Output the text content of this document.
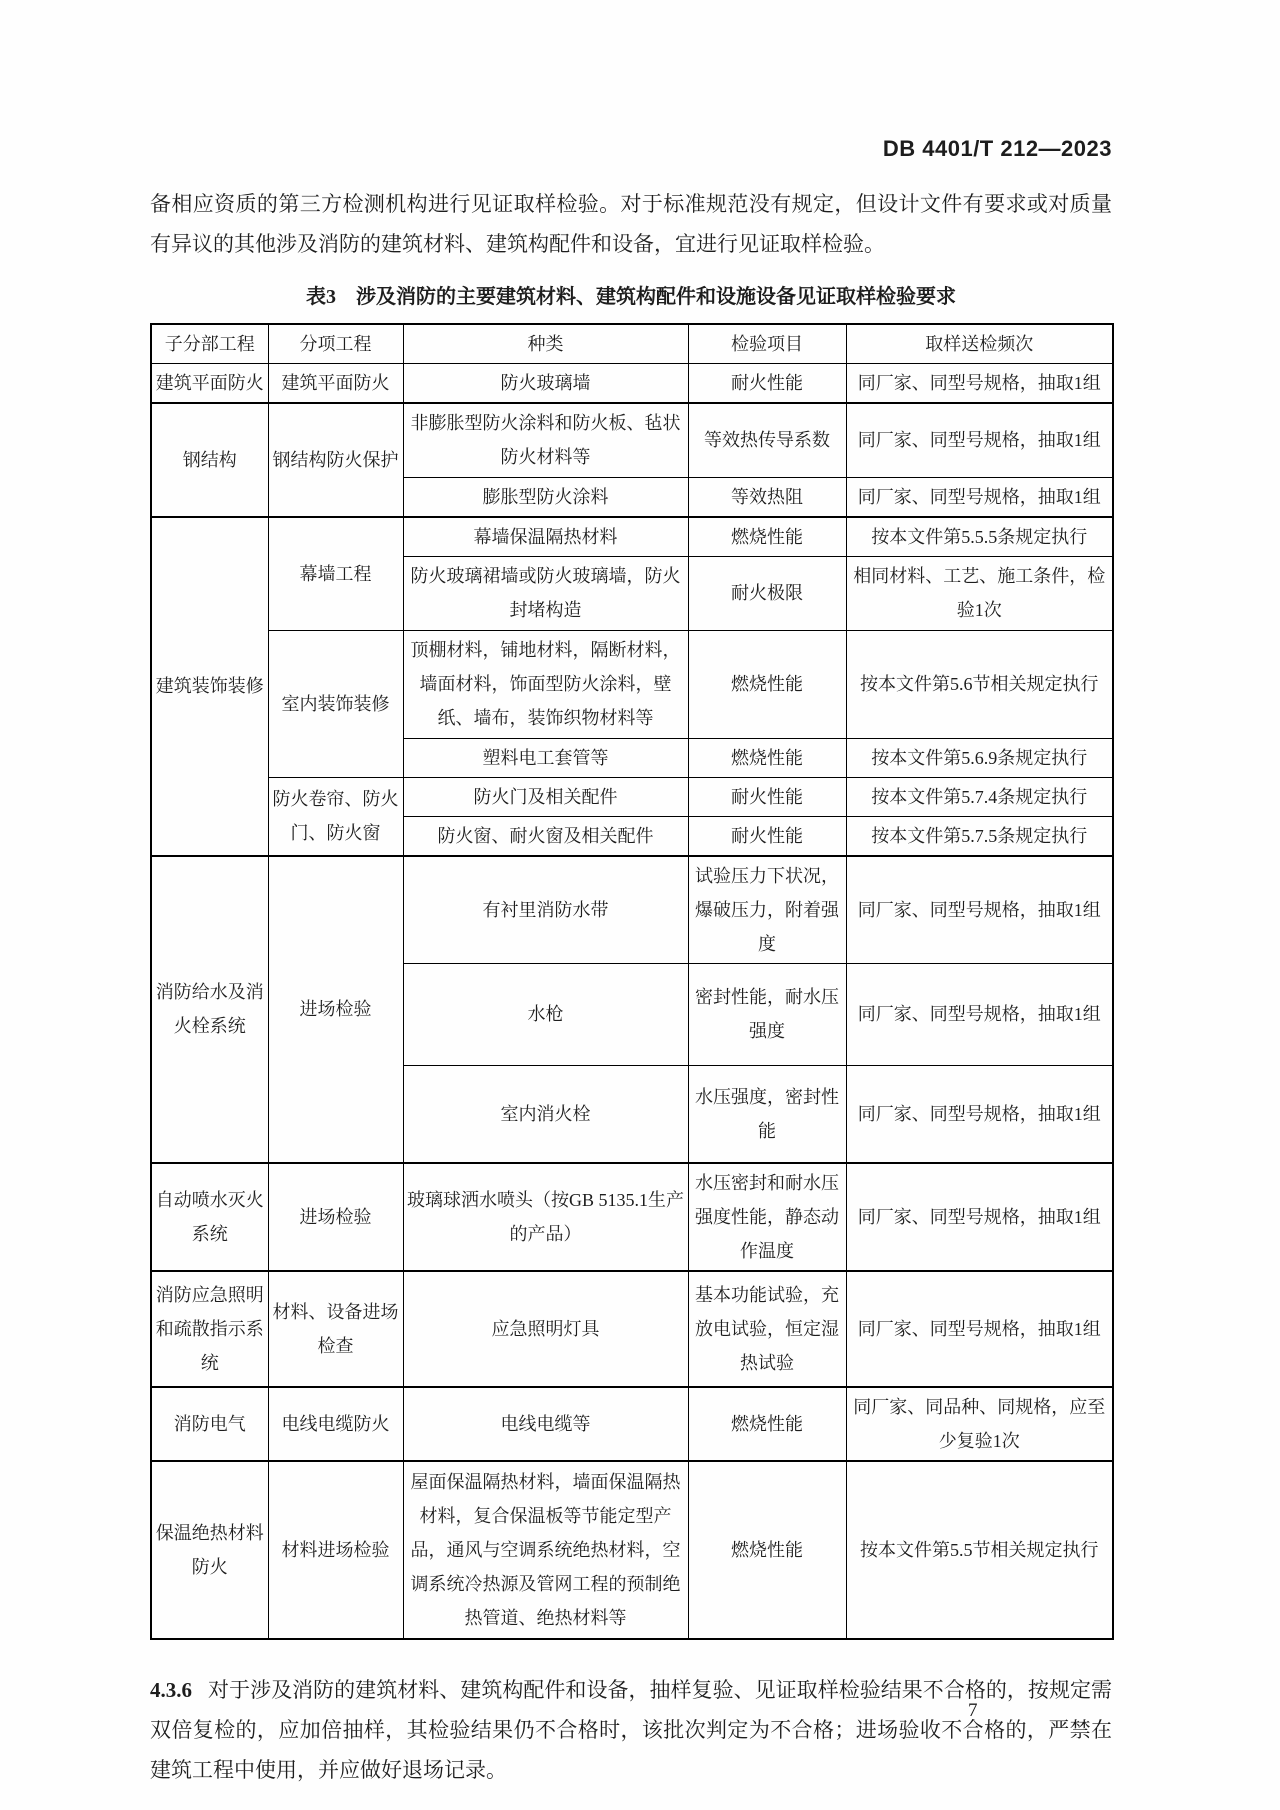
DB 4401/T 212—2023

备相应资质的第三方检测机构进行见证取样检验。对于标准规范没有规定，但设计文件有要求或对质量有异议的其他涉及消防的建筑材料、建筑构配件和设备，宜进行见证取样检验。

表3　涉及消防的主要建筑材料、建筑构配件和设施设备见证取样检验要求
子分部工程	分项工程	种类	检验项目	取样送检频次
建筑平面防火	建筑平面防火	防火玻璃墙	耐火性能	同厂家、同型号规格，抽取1组
钢结构	钢结构防火保护	非膨胀型防火涂料和防火板、毡状防火材料等	等效热传导系数	同厂家、同型号规格，抽取1组
		膨胀型防火涂料	等效热阻	同厂家、同型号规格，抽取1组
建筑装饰装修	幕墙工程	幕墙保温隔热材料	燃烧性能	按本文件第5.5.5条规定执行
		防火玻璃裙墙或防火玻璃墙，防火封堵构造	耐火极限	相同材料、工艺、施工条件，检验1次
	室内装饰装修	顶棚材料，铺地材料，隔断材料，墙面材料，饰面型防火涂料，壁纸、墙布，装饰织物材料等	燃烧性能	按本文件第5.6节相关规定执行
		塑料电工套管等	燃烧性能	按本文件第5.6.9条规定执行
	防火卷帘、防火门、防火窗	防火门及相关配件	耐火性能	按本文件第5.7.4条规定执行
		防火窗、耐火窗及相关配件	耐火性能	按本文件第5.7.5条规定执行
消防给水及消火栓系统	进场检验	有衬里消防水带	试验压力下状况，爆破压力，附着强度	同厂家、同型号规格，抽取1组
		水枪	密封性能，耐水压强度	同厂家、同型号规格，抽取1组
		室内消火栓	水压强度，密封性能	同厂家、同型号规格，抽取1组
自动喷水灭火系统	进场检验	玻璃球洒水喷头（按GB 5135.1生产的产品）	水压密封和耐水压强度性能，静态动作温度	同厂家、同型号规格，抽取1组
消防应急照明和疏散指示系统	材料、设备进场检查	应急照明灯具	基本功能试验，充放电试验，恒定湿热试验	同厂家、同型号规格，抽取1组
消防电气	电线电缆防火	电线电缆等	燃烧性能	同厂家、同品种、同规格，应至少复验1次
保温绝热材料防火	材料进场检验	屋面保温隔热材料，墙面保温隔热材料，复合保温板等节能定型产品，通风与空调系统绝热材料，空调系统冷热源及管网工程的预制绝热管道、绝热材料等	燃烧性能	按本文件第5.5节相关规定执行

4.3.6 对于涉及消防的建筑材料、建筑构配件和设备，抽样复验、见证取样检验结果不合格的，按规定需双倍复检的，应加倍抽样，其检验结果仍不合格时，该批次判定为不合格；进场验收不合格的，严禁在建筑工程中使用，并应做好退场记录。

7
